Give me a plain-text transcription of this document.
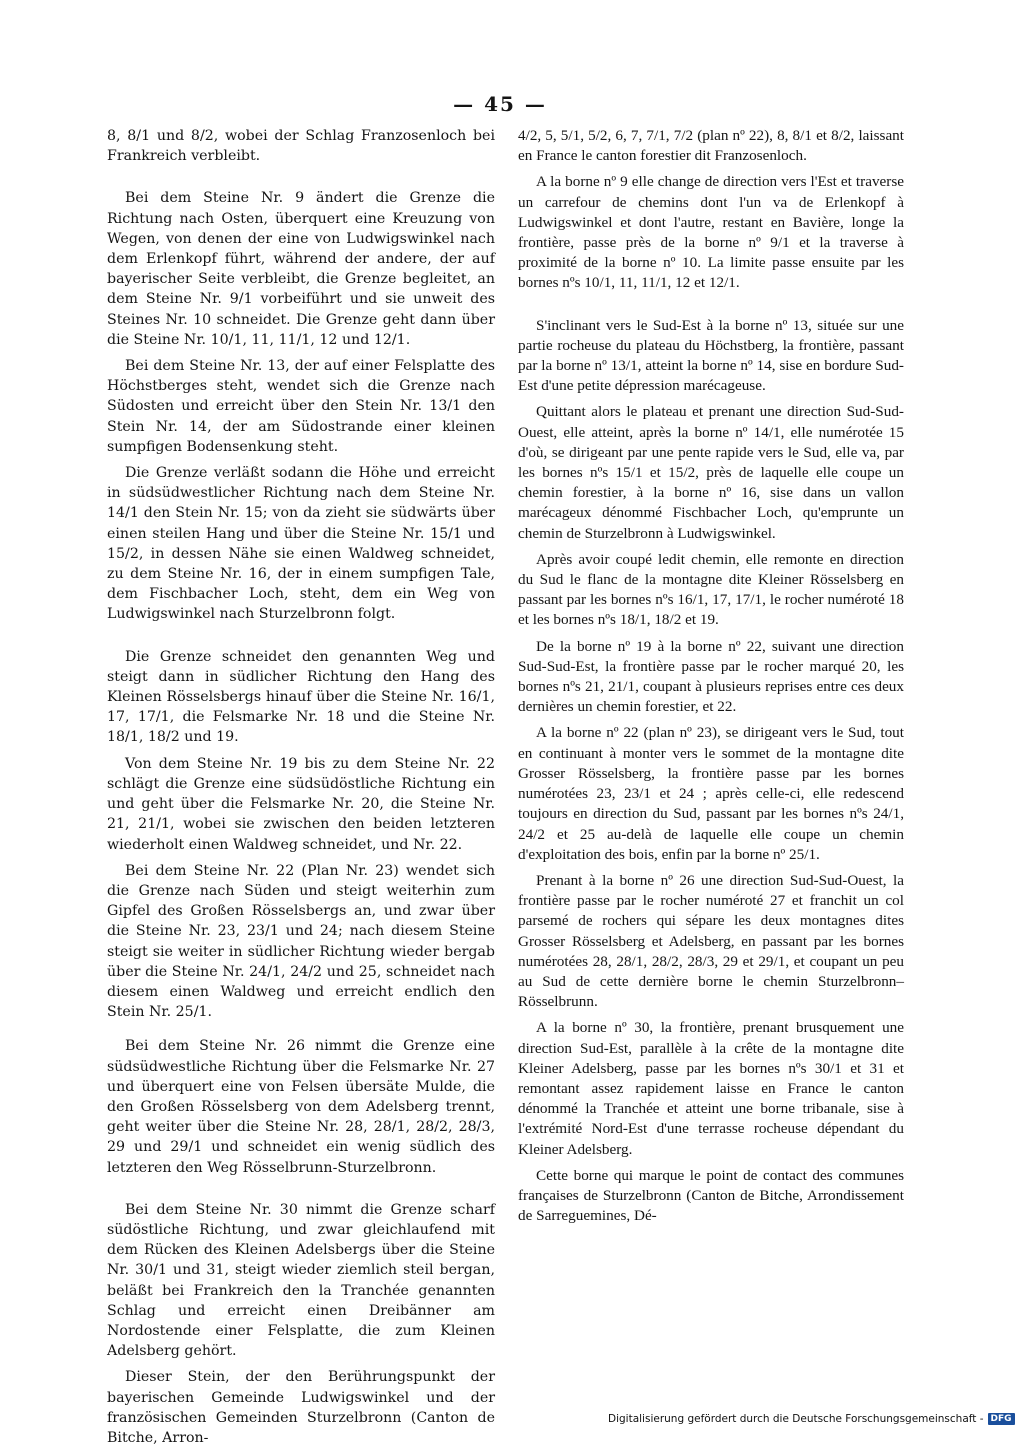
— 45 —

8, 8/1 und 8/2, wobei der Schlag Franzosenloch bei Frankreich verbleibt.

Bei dem Steine Nr. 9 ändert die Grenze die Richtung nach Osten, überquert eine Kreuzung von Wegen, von denen der eine von Ludwigswinkel nach dem Erlenkopf führt, während der andere, der auf bayerischer Seite verbleibt, die Grenze begleitet, an dem Steine Nr. 9/1 vorbeiführt und sie unweit des Steines Nr. 10 schneidet. Die Grenze geht dann über die Steine Nr. 10/1, 11, 11/1, 12 und 12/1.

Bei dem Steine Nr. 13, der auf einer Felsplatte des Höchstberges steht, wendet sich die Grenze nach Südosten und erreicht über den Stein Nr. 13/1 den Stein Nr. 14, der am Südostrande einer kleinen sumpfigen Bodensenkung steht.

Die Grenze verläßt sodann die Höhe und erreicht in südsüdwestlicher Richtung nach dem Steine Nr. 14/1 den Stein Nr. 15; von da zieht sie südwärts über einen steilen Hang und über die Steine Nr. 15/1 und 15/2, in dessen Nähe sie einen Waldweg schneidet, zu dem Steine Nr. 16, der in einem sumpfigen Tale, dem Fischbacher Loch, steht, dem ein Weg von Ludwigswinkel nach Sturzelbronn folgt.

Die Grenze schneidet den genannten Weg und steigt dann in südlicher Richtung den Hang des Kleinen Rösselsbergs hinauf über die Steine Nr. 16/1, 17, 17/1, die Felsmarke Nr. 18 und die Steine Nr. 18/1, 18/2 und 19.

Von dem Steine Nr. 19 bis zu dem Steine Nr. 22 schlägt die Grenze eine südsüdöstliche Richtung ein und geht über die Felsmarke Nr. 20, die Steine Nr. 21, 21/1, wobei sie zwischen den beiden letzteren wiederholt einen Waldweg schneidet, und Nr. 22.

Bei dem Steine Nr. 22 (Plan Nr. 23) wendet sich die Grenze nach Süden und steigt weiterhin zum Gipfel des Großen Rösselsbergs an, und zwar über die Steine Nr. 23, 23/1 und 24; nach diesem Steine steigt sie weiter in südlicher Richtung wieder bergab über die Steine Nr. 24/1, 24/2 und 25, schneidet nach diesem einen Waldweg und erreicht endlich den Stein Nr. 25/1.

Bei dem Steine Nr. 26 nimmt die Grenze eine südsüdwestliche Richtung über die Felsmarke Nr. 27 und überquert eine von Felsen übersäte Mulde, die den Großen Rösselsberg von dem Adelsberg trennt, geht weiter über die Steine Nr. 28, 28/1, 28/2, 28/3, 29 und 29/1 und schneidet ein wenig südlich des letzteren den Weg Rösselbrunn-Sturzelbronn.

Bei dem Steine Nr. 30 nimmt die Grenze scharf südöstliche Richtung, und zwar gleichlaufend mit dem Rücken des Kleinen Adelsbergs über die Steine Nr. 30/1 und 31, steigt wieder ziemlich steil bergan, beläßt bei Frankreich den la Tranchée genannten Schlag und erreicht einen Dreibänner am Nordostende einer Felsplatte, die zum Kleinen Adelsberg gehört.

Dieser Stein, der den Berührungspunkt der bayerischen Gemeinde Ludwigswinkel und der französischen Gemeinden Sturzelbronn (Canton de Bitche, Arron-

4/2, 5, 5/1, 5/2, 6, 7, 7/1, 7/2 (plan nº 22), 8, 8/1 et 8/2, laissant en France le canton forestier dit Franzosenloch.

A la borne nº 9 elle change de direction vers l'Est et traverse un carrefour de chemins dont l'un va de Erlenkopf à Ludwigswinkel et dont l'autre, restant en Bavière, longe la frontière, passe près de la borne nº 9/1 et la traverse à proximité de la borne nº 10. La limite passe ensuite par les bornes nºs 10/1, 11, 11/1, 12 et 12/1.

S'inclinant vers le Sud-Est à la borne nº 13, située sur une partie rocheuse du plateau du Höchstberg, la frontière, passant par la borne nº 13/1, atteint la borne nº 14, sise en bordure Sud-Est d'une petite dépression marécageuse.

Quittant alors le plateau et prenant une direction Sud-Sud-Ouest, elle atteint, après la borne nº 14/1, elle numérotée 15 d'où, se dirigeant par une pente rapide vers le Sud, elle va, par les bornes nºs 15/1 et 15/2, près de laquelle elle coupe un chemin forestier, à la borne nº 16, sise dans un vallon marécageux dénommé Fischbacher Loch, qu'emprunte un chemin de Sturzelbronn à Ludwigswinkel.

Après avoir coupé ledit chemin, elle remonte en direction du Sud le flanc de la montagne dite Kleiner Rösselsberg en passant par les bornes nºs 16/1, 17, 17/1, le rocher numéroté 18 et les bornes nºs 18/1, 18/2 et 19.

De la borne nº 19 à la borne nº 22, suivant une direction Sud-Sud-Est, la frontière passe par le rocher marqué 20, les bornes nºs 21, 21/1, coupant à plusieurs reprises entre ces deux dernières un chemin forestier, et 22.

A la borne nº 22 (plan nº 23), se dirigeant vers le Sud, tout en continuant à monter vers le sommet de la montagne dite Grosser Rösselsberg, la frontière passe par les bornes numérotées 23, 23/1 et 24 ; après celle-ci, elle redescend toujours en direction du Sud, passant par les bornes nºs 24/1, 24/2 et 25 au-delà de laquelle elle coupe un chemin d'exploitation des bois, enfin par la borne nº 25/1.

Prenant à la borne nº 26 une direction Sud-Sud-Ouest, la frontière passe par le rocher numéroté 27 et franchit un col parsemé de rochers qui sépare les deux montagnes dites Grosser Rösselsberg et Adelsberg, en passant par les bornes numérotées 28, 28/1, 28/2, 28/3, 29 et 29/1, et coupant un peu au Sud de cette dernière borne le chemin Sturzelbronn–Rösselbrunn.

A la borne nº 30, la frontière, prenant brusquement une direction Sud-Est, parallèle à la crête de la montagne dite Kleiner Adelsberg, passe par les bornes nºs 30/1 et 31 et remontant assez rapidement laisse en France le canton dénommé la Tranchée et atteint une borne tribanale, sise à l'extrémité Nord-Est d'une terrasse rocheuse dépendant du Kleiner Adelsberg.

Cette borne qui marque le point de contact des communes françaises de Sturzelbronn (Canton de Bitche, Arrondissement de Sarreguemines, Dé-

Digitalisierung gefördert durch die Deutsche Forschungsgemeinschaft - DFG
